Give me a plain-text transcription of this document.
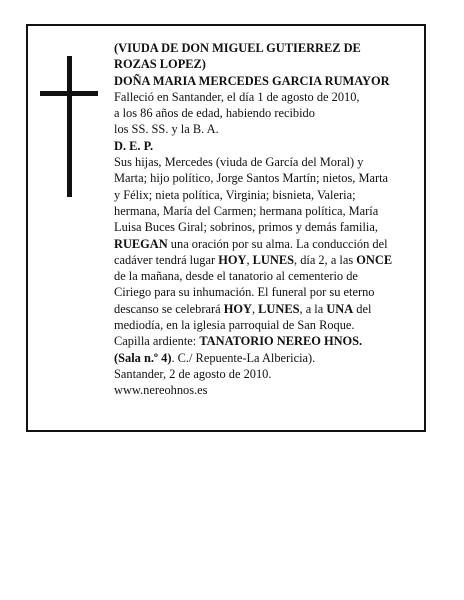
(VIUDA DE DON MIGUEL GUTIERREZ DE
ROZAS LOPEZ)
DOÑA MARIA MERCEDES GARCIA RUMAYOR
Falleció en Santander, el día 1 de agosto de 2010,
a los 86 años de edad, habiendo recibido
los SS. SS. y la B. A.
D. E. P.
Sus hijas, Mercedes (viuda de García del Moral) y
Marta; hijo político, Jorge Santos Martín; nietos, Marta
y Félix; nieta política, Virginia; bisnieta, Valeria;
hermana, María del Carmen; hermana política, María
Luisa Buces Giral; sobrinos, primos y demás familia,
RUEGAN una oración por su alma. La conducción del
cadáver tendrá lugar HOY, LUNES, día 2, a las ONCE
de la mañana, desde el tanatorio al cementerio de
Ciriego para su inhumación. El funeral por su eterno
descanso se celebrará HOY, LUNES, a la UNA del
mediodía, en la iglesia parroquial de San Roque.
Capilla ardiente: TANATORIO NEREO HNOS.
(Sala n.º 4). C./ Repuente-La Albericia).
Santander, 2 de agosto de 2010.
www.nereohnos.es
